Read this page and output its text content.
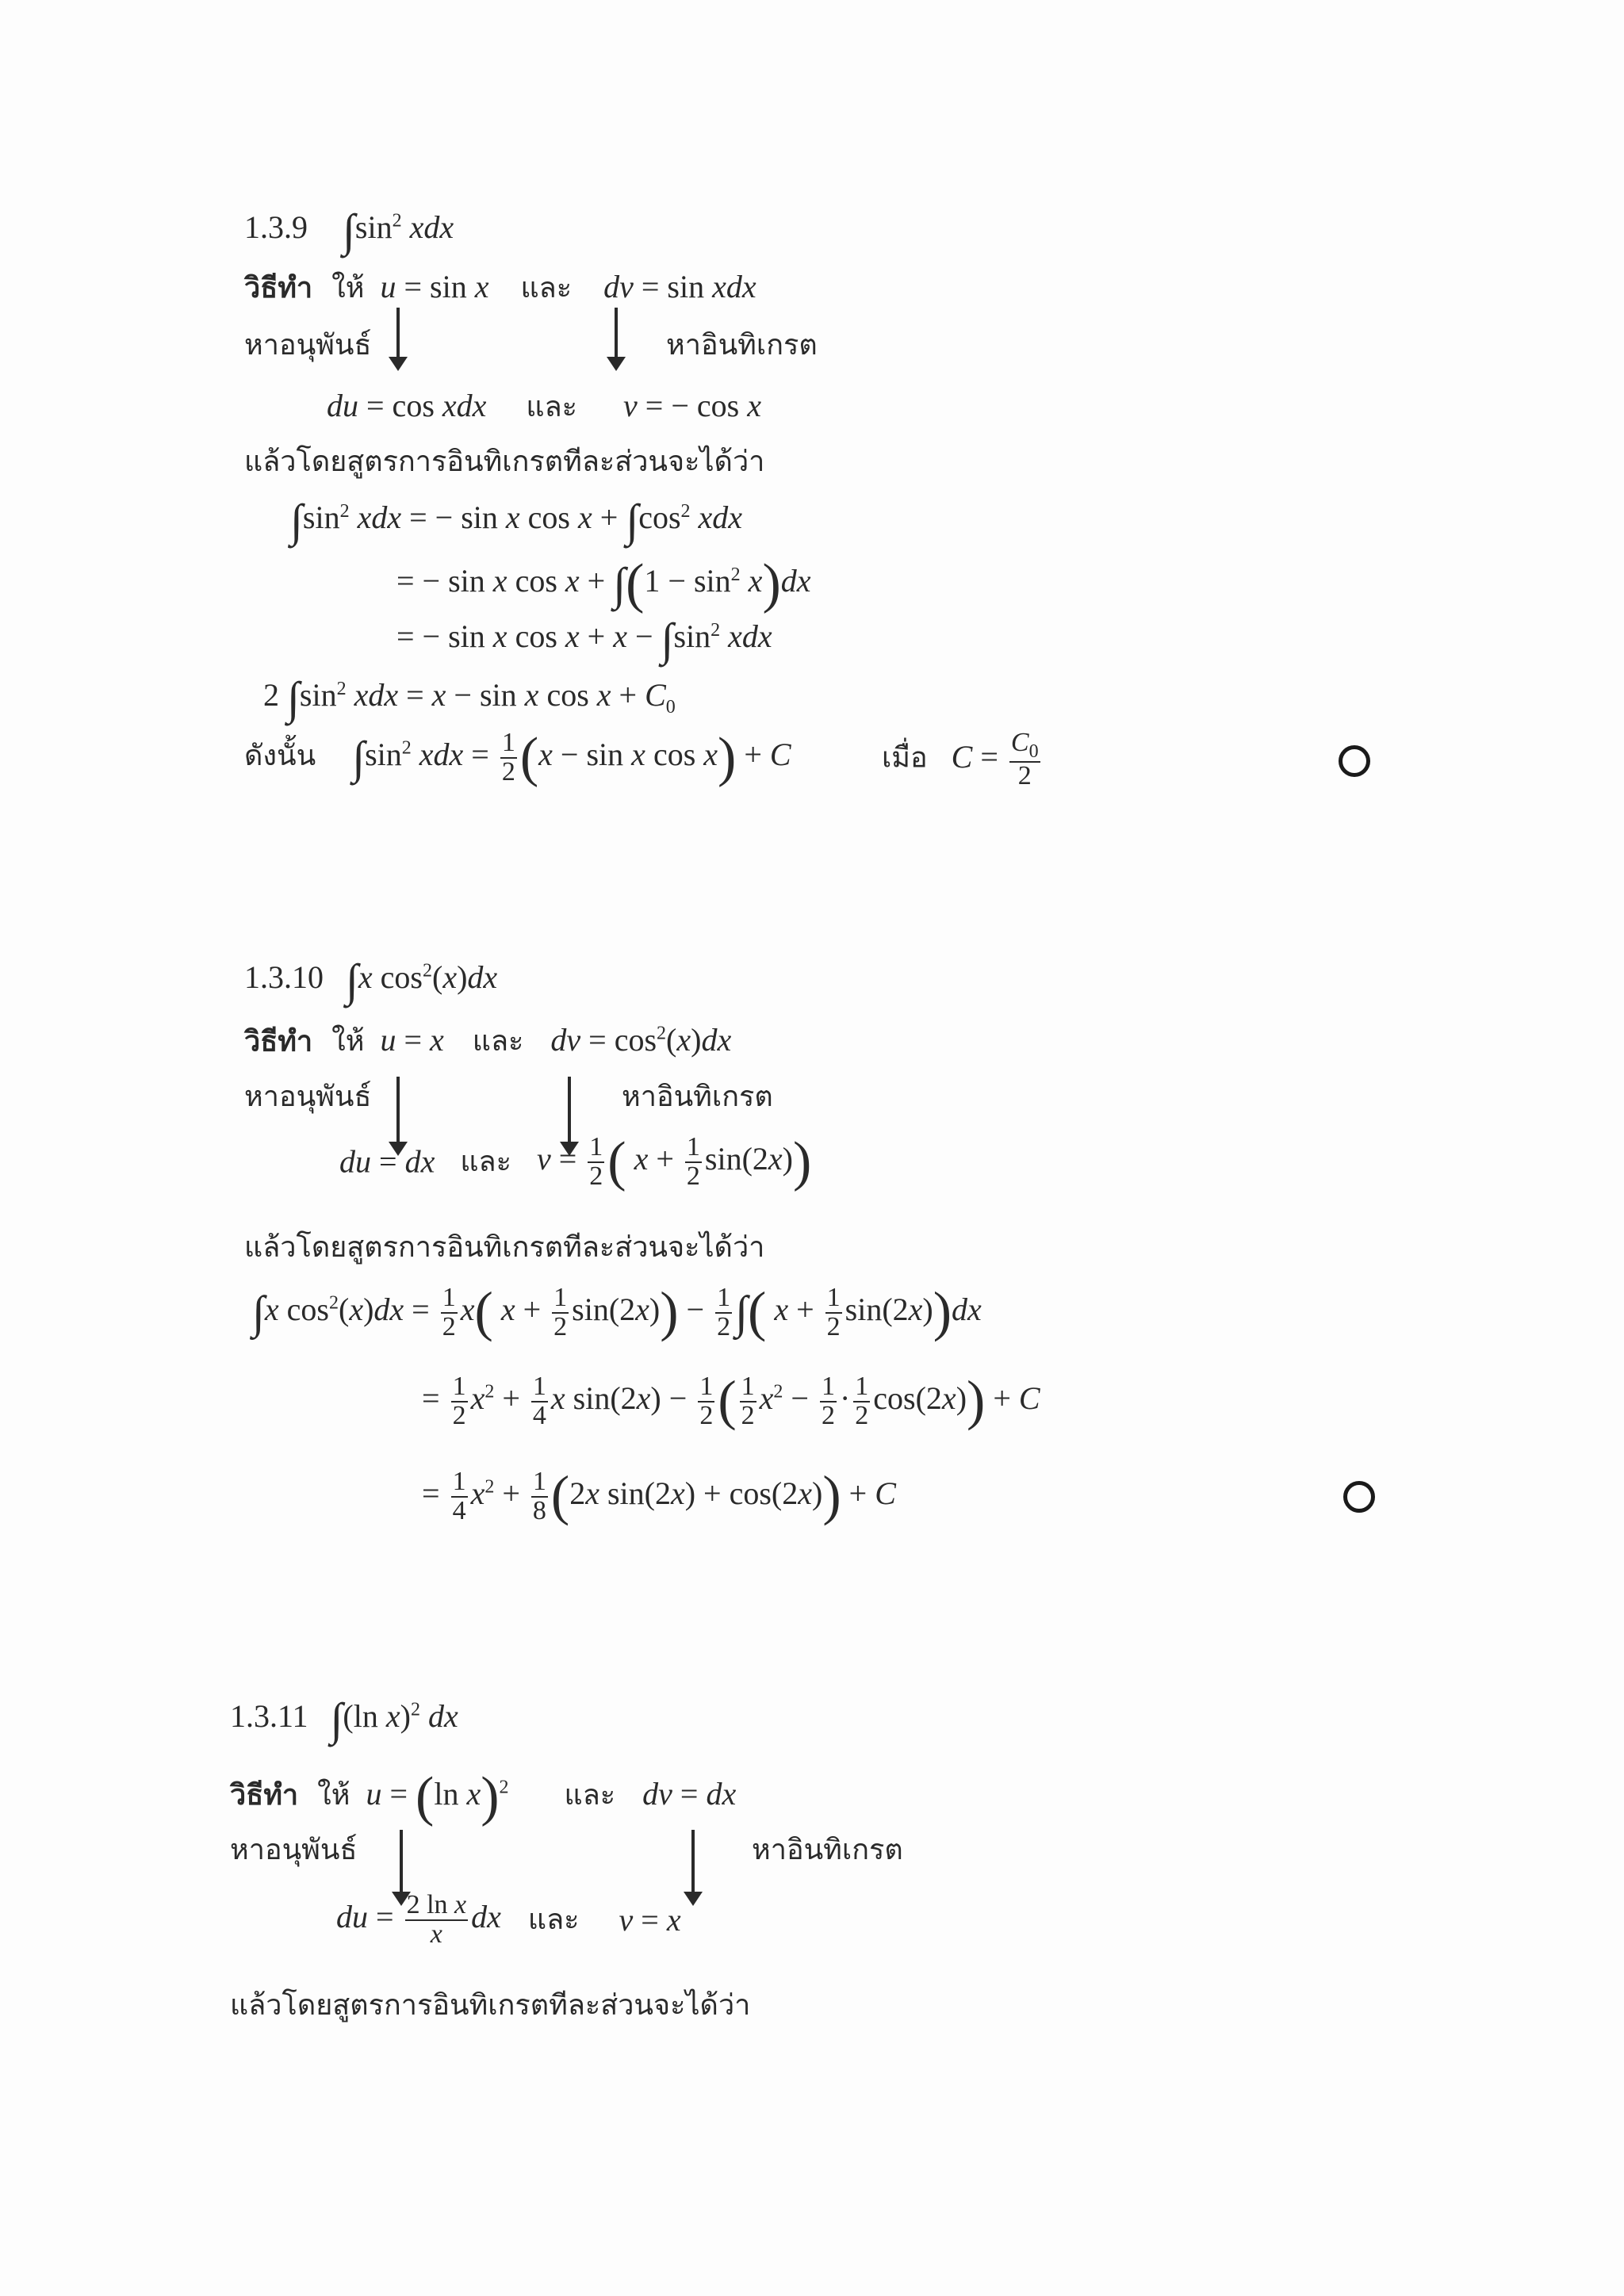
1.3.9 $\int\sin^2$ xdx
วิธีทำ ให้ u = sin x และ dv = sin xdx
หาอนุพันธ์	หาอินทิเกรต
du = cos xdx และ v = − cos x
แล้วโดยสูตรการอินทิเกรตทีละส่วนจะได้ว่า
$\int\sin^2$ xdx = − sin x $\cos x + \int\cos^2$ xdx
= − sin x $\cos x + \int(1 - \sin^2 x)dx$
= − sin x $\cos x + x - \int\sin^2$ xdx
2 $\int\sin^2$ xdx = x − sin x $\cos x + C_0$
ดังนั้น $\int\sin^2$ xdx = $\frac{1}{2} (x - \sin x$ cos x) + C	เมื่อ $C = \frac{C_0}{2}$
1.3.10 ∫x $\cos^2(x)dx$
วิธีทำ ให้ u = x และ dv = $\cos^2(x)dx$
หาอนุพันธ์	หาอินทิเกรต
du = dx และ $v = \frac{1}{2}$ ( $x + \frac{1}{2} \sin(2x)$)
แล้วโดยสูตรการอินทิเกรตทีละส่วนจะได้ว่า
∫x $\cos^2(x)dx = \frac{1}{2} x$( $x + \frac{1}{2} \sin(2x)) - \frac{1}{2}$ ∫( $x + \frac{1}{2} \sin(2x))dx$
= $\frac{1}{2} x^2 + \frac{1}{4}$ x $\sin(2x) - \frac{1}{2}$ ( $\frac{1}{2} x^2 - \frac{1}{2} \cdot \frac{1}{2} \cos(2x)) + C$
= $\frac{1}{4} x^2 + \frac{1}{8} (2x$ sin(2x) + cos(2x)) + C
1.3.11 ∫(ln x)$^2$ dx
วิธีทำ ให้ u = (ln x)$^2$ และ dv = dx
หาอนุพันธ์	หาอินทิเกรต
du = $\frac{\text{2 ln x}}{x}$ dx และ v = x
แล้วโดยสูตรการอินทิเกรตทีละส่วนจะได้ว่า
